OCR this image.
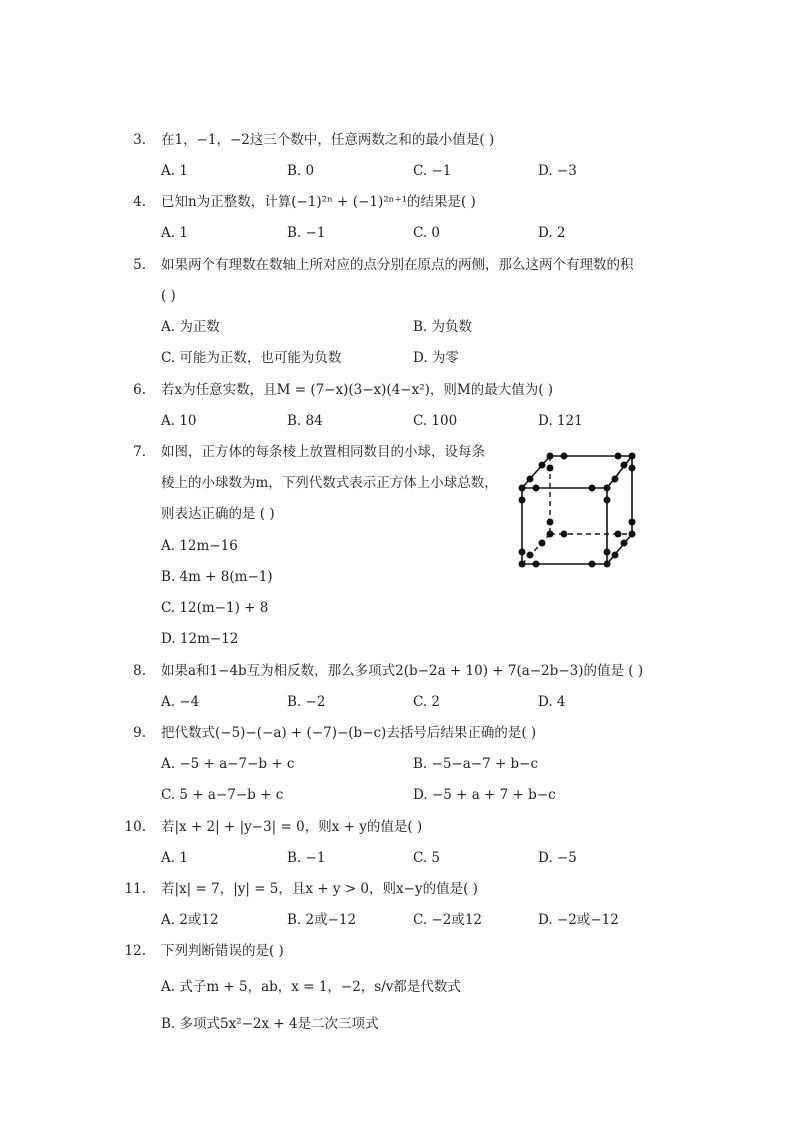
3. 在1，−1，−2这三个数中，任意两数之和的最小值是( )
A. 1	B. 0	C. −1	D. −3
4. 已知n为正整数，计算(−1)²ⁿ + (−1)²ⁿ⁺¹的结果是( )
A. 1	B. −1	C. 0	D. 2
5. 如果两个有理数在数轴上所对应的点分别在原点的两侧，那么这两个有理数的积
( )
A. 为正数	B. 为负数
C. 可能为正数，也可能为负数	D. 为零
6. 若x为任意实数，且M = (7−x)(3−x)(4−x²)，则M的最大值为( )
A. 10	B. 84	C. 100	D. 121
7. 如图，正方体的每条棱上放置相同数目的小球，设每条
棱上的小球数为m，下列代数式表示正方体上小球总数，
则表达正确的是 ( )
A. 12m−16
B. 4m + 8(m−1)
C. 12(m−1) + 8
D. 12m−12
8. 如果a和1−4b互为相反数，那么多项式2(b−2a + 10) + 7(a−2b−3)的值是 ( )
A. −4	B. −2	C. 2	D. 4
9. 把代数式(−5)−(−a) + (−7)−(b−c)去括号后结果正确的是( )
A. −5 + a−7−b + c	B. −5−a−7 + b−c
C. 5 + a−7−b + c	D. −5 + a + 7 + b−c
10. 若|x + 2| + |y−3| = 0，则x + y的值是( )
A. 1	B. −1	C. 5	D. −5
11. 若|x| = 7，|y| = 5，且x + y > 0，则x−y的值是( )
A. 2或12	B. 2或−12	C. −2或12	D. −2或−12
12. 下列判断错误的是( )
A. 式子m + 5，ab，x = 1，−2，s/v都是代数式
B. 多项式5x²−2x + 4是二次三项式
